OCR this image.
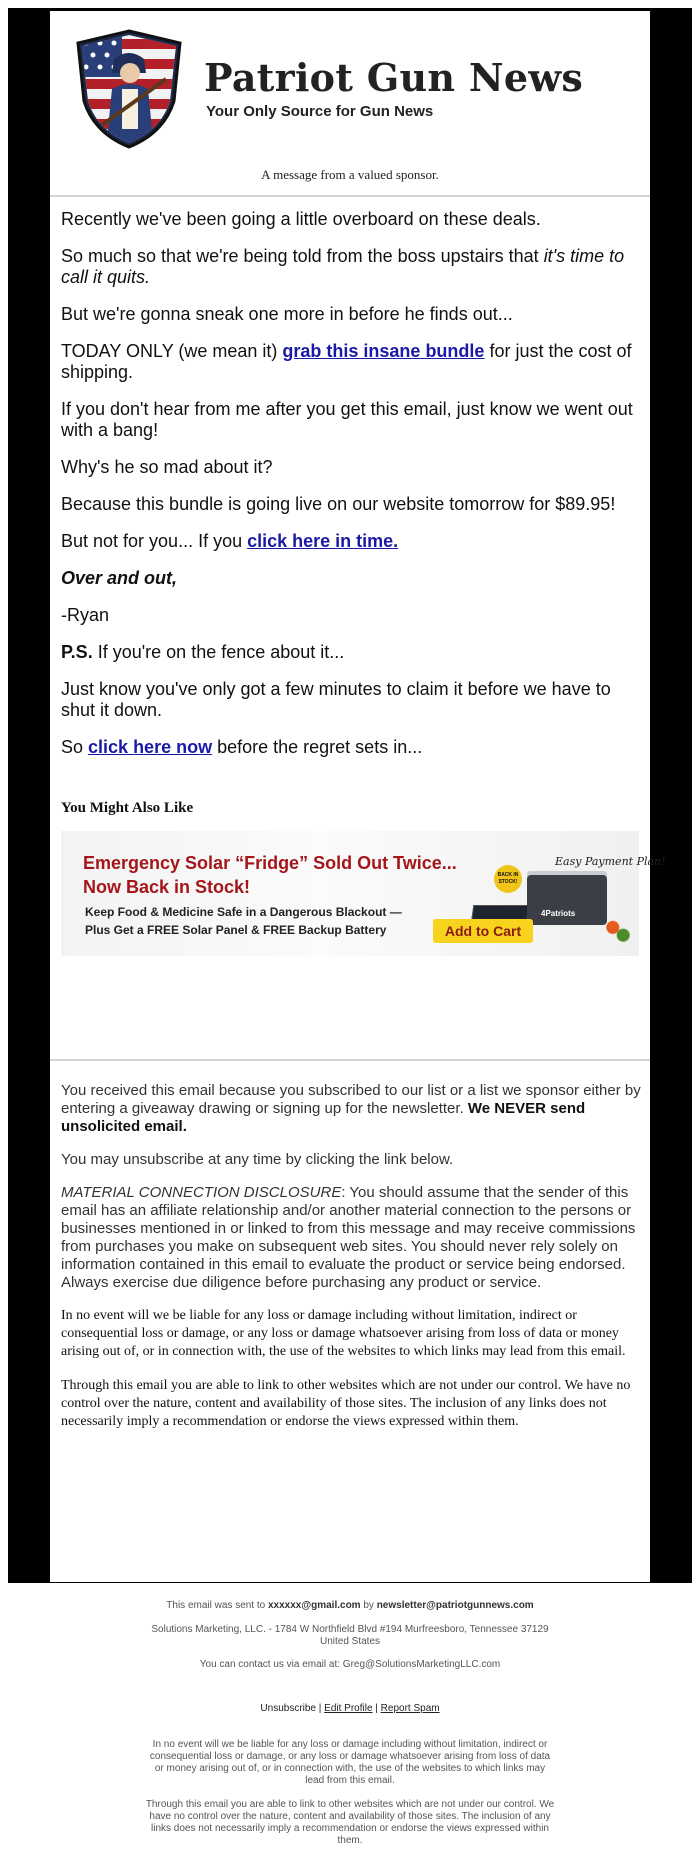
Patriot Gun News
Your Only Source for Gun News
A message from a valued sponsor.

Recently we've been going a little overboard on these deals.

So much so that we're being told from the boss upstairs that it's time to call it quits.

But we're gonna sneak one more in before he finds out...

TODAY ONLY (we mean it) grab this insane bundle for just the cost of shipping.

If you don't hear from me after you get this email, just know we went out with a bang!

Why's he so mad about it?

Because this bundle is going live on our website tomorrow for $89.95!

But not for you... If you click here in time.

Over and out,

-Ryan

P.S. If you're on the fence about it...

Just know you've only got a few minutes to claim it before we have to shut it down.

So click here now before the regret sets in...

You Might Also Like
Emergency Solar “Fridge” Sold Out Twice...
Now Back in Stock!
Keep Food & Medicine Safe in a Dangerous Blackout —
Plus Get a FREE Solar Panel & FREE Backup Battery
Easy Payment Plan!
BACK IN STOCK!
4Patriots
Add to Cart

You received this email because you subscribed to our list or a list we sponsor either by entering a giveaway drawing or signing up for the newsletter. We NEVER send unsolicited email.

You may unsubscribe at any time by clicking the link below.

MATERIAL CONNECTION DISCLOSURE: You should assume that the sender of this email has an affiliate relationship and/or another material connection to the persons or businesses mentioned in or linked to from this message and may receive commissions from purchases you make on subsequent web sites. You should never rely solely on information contained in this email to evaluate the product or service being endorsed. Always exercise due diligence before purchasing any product or service.

In no event will we be liable for any loss or damage including without limitation, indirect or consequential loss or damage, or any loss or damage whatsoever arising from loss of data or money arising out of, or in connection with, the use of the websites to which links may lead from this email.

Through this email you are able to link to other websites which are not under our control. We have no control over the nature, content and availability of those sites. The inclusion of any links does not necessarily imply a recommendation or endorse the views expressed within them.

This email was sent to xxxxxx@gmail.com by newsletter@patriotgunnews.com
Solutions Marketing, LLC. - 1784 W Northfield Blvd #194 Murfreesboro, Tennessee 37129 United States
You can contact us via email at: Greg@SolutionsMarketingLLC.com
Unsubscribe | Edit Profile | Report Spam
In no event will we be liable for any loss or damage including without limitation, indirect or consequential loss or damage, or any loss or damage whatsoever arising from loss of data or money arising out of, or in connection with, the use of the websites to which links may lead from this email.
Through this email you are able to link to other websites which are not under our control. We have no control over the nature, content and availability of those sites. The inclusion of any links does not necessarily imply a recommendation or endorse the views expressed within them.
